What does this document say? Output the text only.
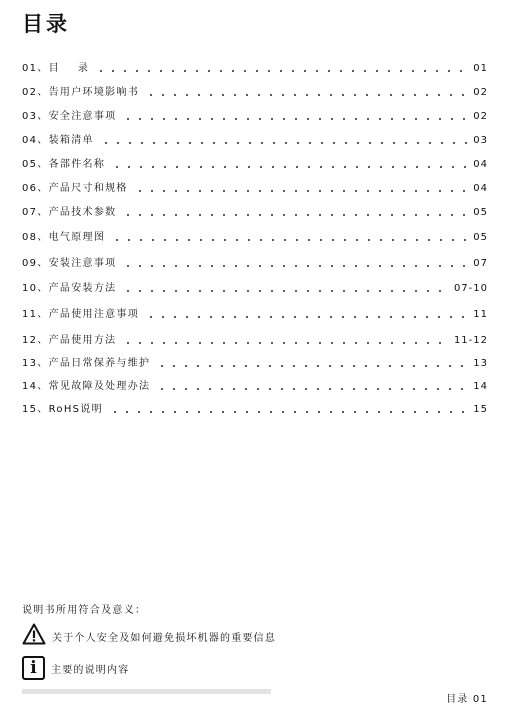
目录
01、目    录	01
02、告用户环境影响书	02
03、安全注意事项	02
04、装箱清单	03
05、各部件名称	04
06、产品尺寸和规格	04
07、产品技术参数	05
08、电气原理图	05
09、安装注意事项	07
10、产品安装方法	07-10
11、产品使用注意事项	11
12、产品使用方法	11-12
13、产品日常保养与维护	13
14、常见故障及处理办法	14
15、RoHS说明	15
说明书所用符合及意义：
关于个人安全及如何避免损坏机器的重要信息
i	主要的说明内容
目录 01
